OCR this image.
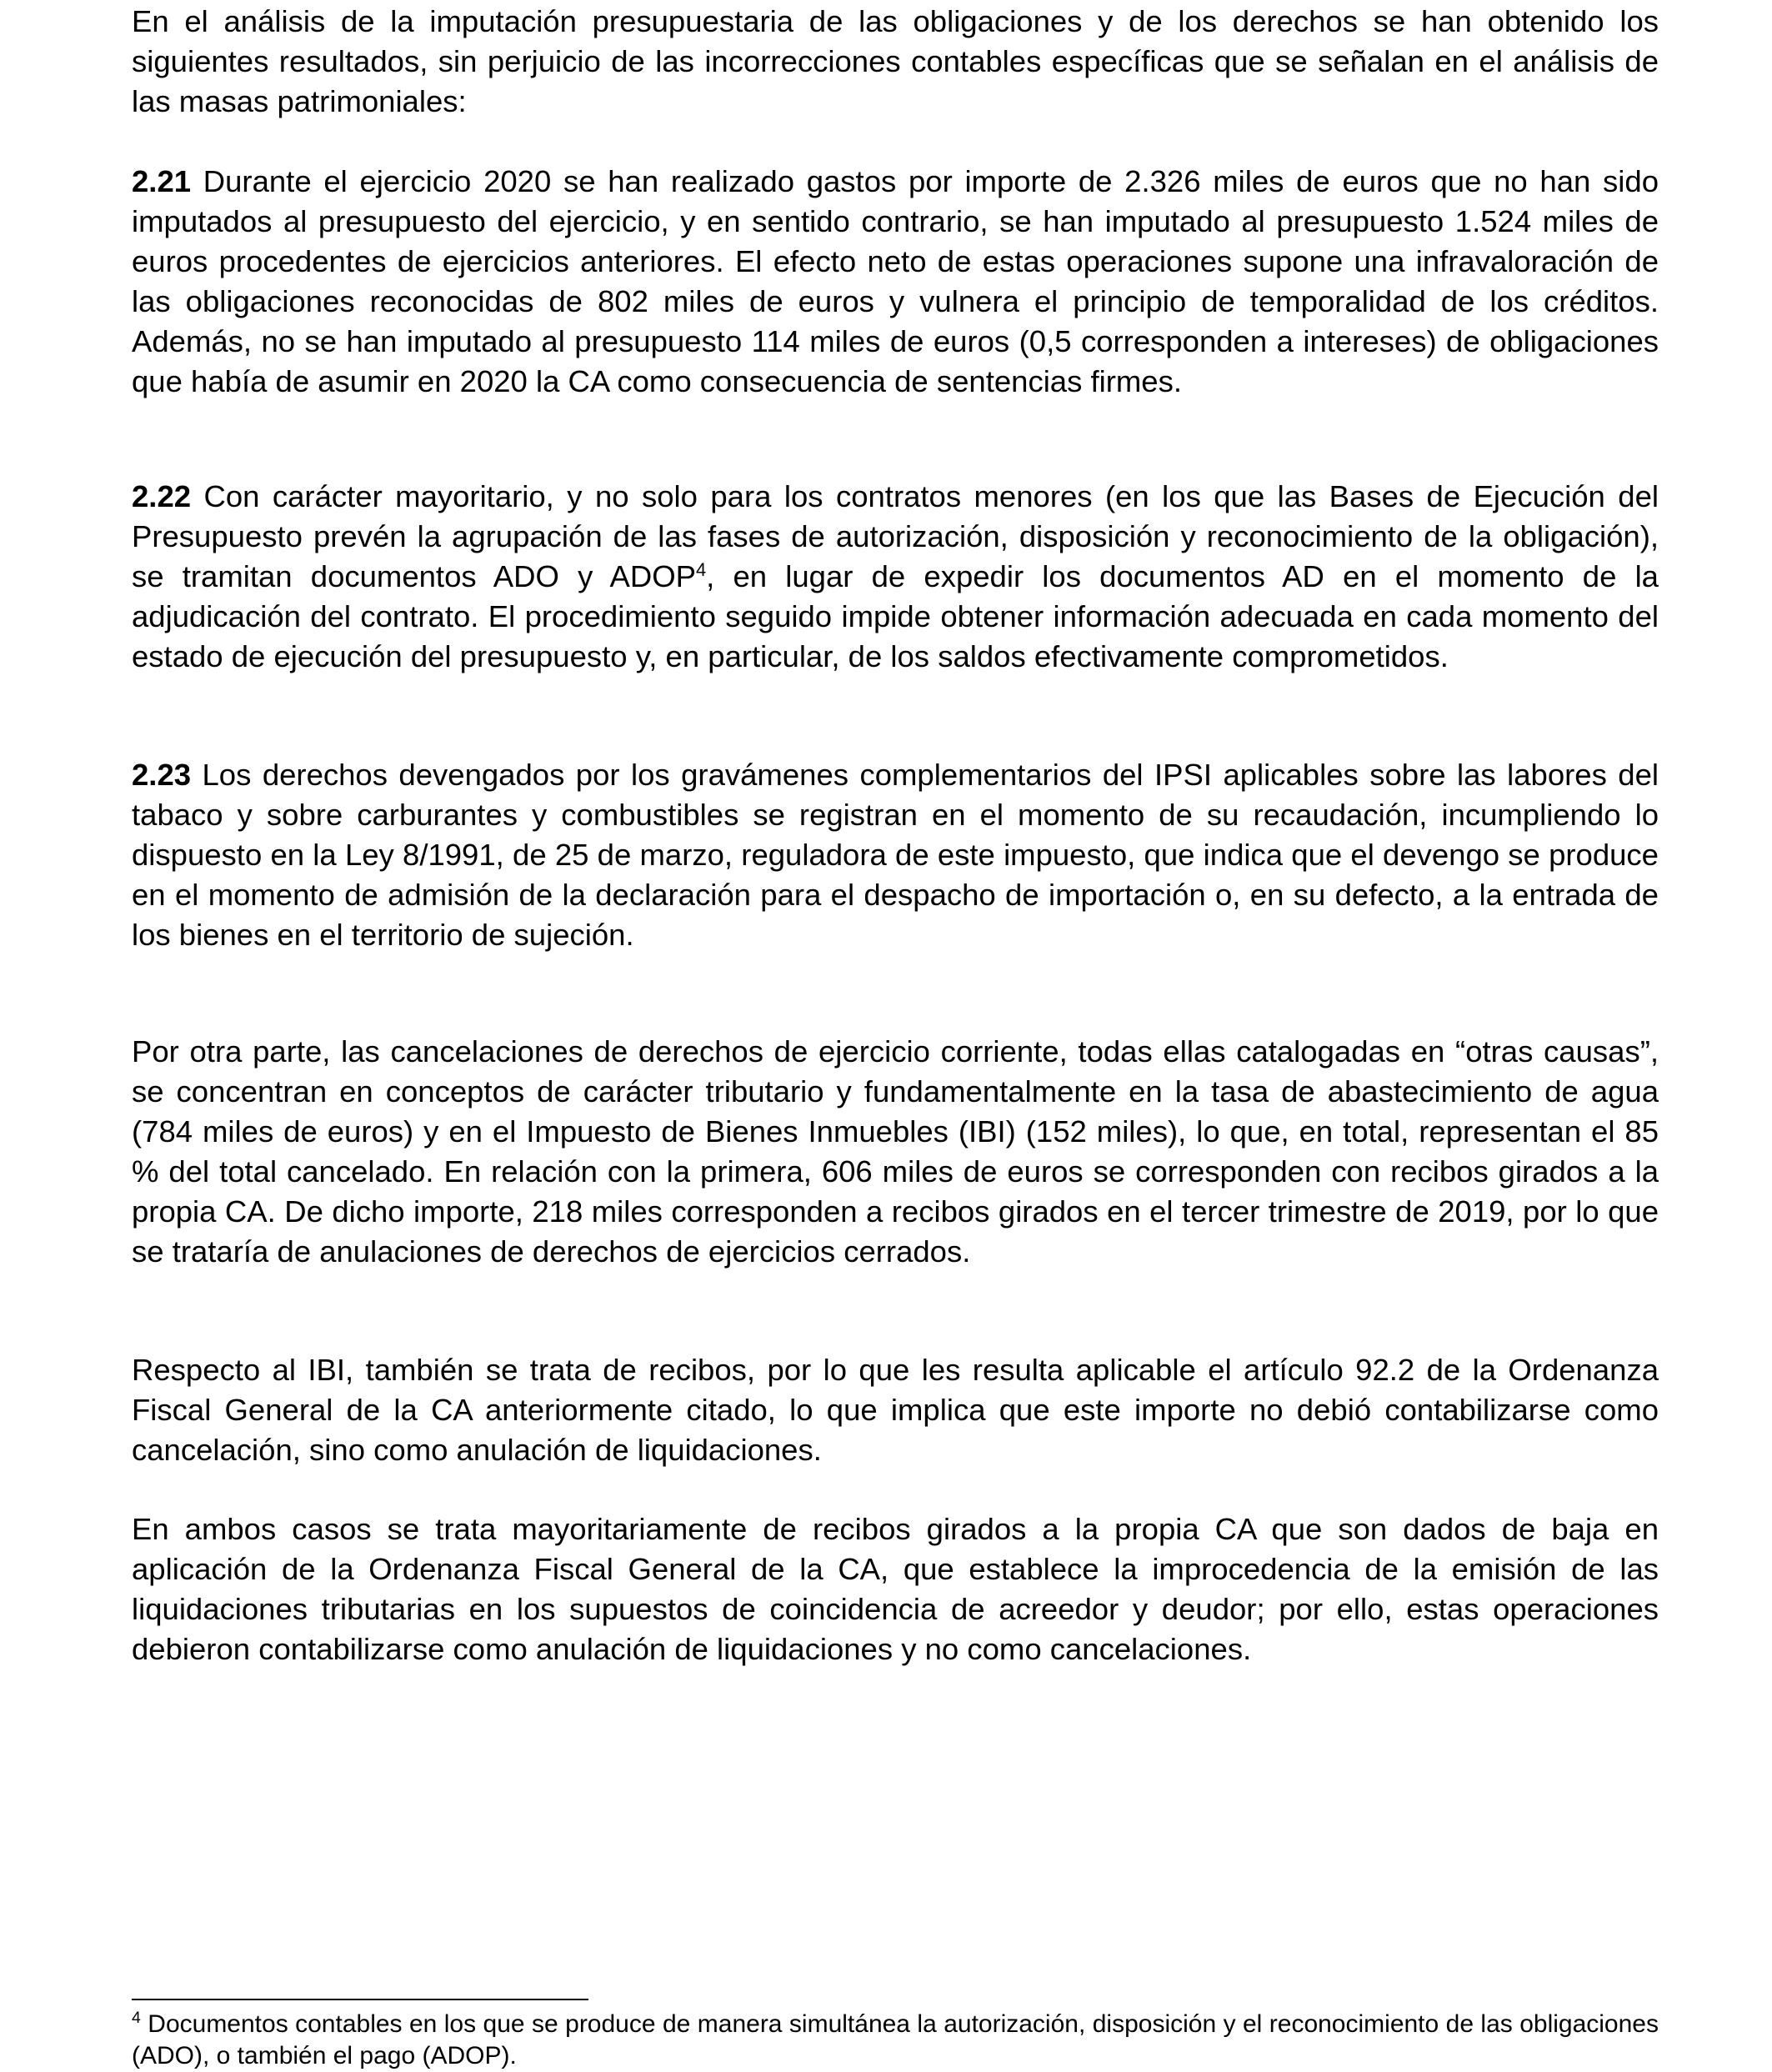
En el análisis de la imputación presupuestaria de las obligaciones y de los derechos se han obtenido los siguientes resultados, sin perjuicio de las incorrecciones contables específicas que se señalan en el análisis de las masas patrimoniales:

2.21 Durante el ejercicio 2020 se han realizado gastos por importe de 2.326 miles de euros que no han sido imputados al presupuesto del ejercicio, y en sentido contrario, se han imputado al presupuesto 1.524 miles de euros procedentes de ejercicios anteriores. El efecto neto de estas operaciones supone una infravaloración de las obligaciones reconocidas de 802 miles de euros y vulnera el principio de temporalidad de los créditos. Además, no se han imputado al presupuesto 114 miles de euros (0,5 corresponden a intereses) de obligaciones que había de asumir en 2020 la CA como consecuencia de sentencias firmes.

2.22 Con carácter mayoritario, y no solo para los contratos menores (en los que las Bases de Ejecución del Presupuesto prevén la agrupación de las fases de autorización, disposición y reconocimiento de la obligación), se tramitan documentos ADO y ADOP$^4$, en lugar de expedir los documentos AD en el momento de la adjudicación del contrato. El procedimiento seguido impide obtener información adecuada en cada momento del estado de ejecución del presupuesto y, en particular, de los saldos efectivamente comprometidos.

2.23 Los derechos devengados por los gravámenes complementarios del IPSI aplicables sobre las labores del tabaco y sobre carburantes y combustibles se registran en el momento de su recaudación, incumpliendo lo dispuesto en la Ley 8/1991, de 25 de marzo, reguladora de este impuesto, que indica que el devengo se produce en el momento de admisión de la declaración para el despacho de importación o, en su defecto, a la entrada de los bienes en el territorio de sujeción.

Por otra parte, las cancelaciones de derechos de ejercicio corriente, todas ellas catalogadas en “otras causas”, se concentran en conceptos de carácter tributario y fundamentalmente en la tasa de abastecimiento de agua (784 miles de euros) y en el Impuesto de Bienes Inmuebles (IBI) (152 miles), lo que, en total, representan el 85 % del total cancelado. En relación con la primera, 606 miles de euros se corresponden con recibos girados a la propia CA. De dicho importe, 218 miles corresponden a recibos girados en el tercer trimestre de 2019, por lo que se trataría de anulaciones de derechos de ejercicios cerrados.

Respecto al IBI, también se trata de recibos, por lo que les resulta aplicable el artículo 92.2 de la Ordenanza Fiscal General de la CA anteriormente citado, lo que implica que este importe no debió contabilizarse como cancelación, sino como anulación de liquidaciones.

En ambos casos se trata mayoritariamente de recibos girados a la propia CA que son dados de baja en aplicación de la Ordenanza Fiscal General de la CA, que establece la improcedencia de la emisión de las liquidaciones tributarias en los supuestos de coincidencia de acreedor y deudor; por ello, estas operaciones debieron contabilizarse como anulación de liquidaciones y no como cancelaciones.

$^4$ Documentos contables en los que se produce de manera simultánea la autorización, disposición y el reconocimiento de las obligaciones (ADO), o también el pago (ADOP).
